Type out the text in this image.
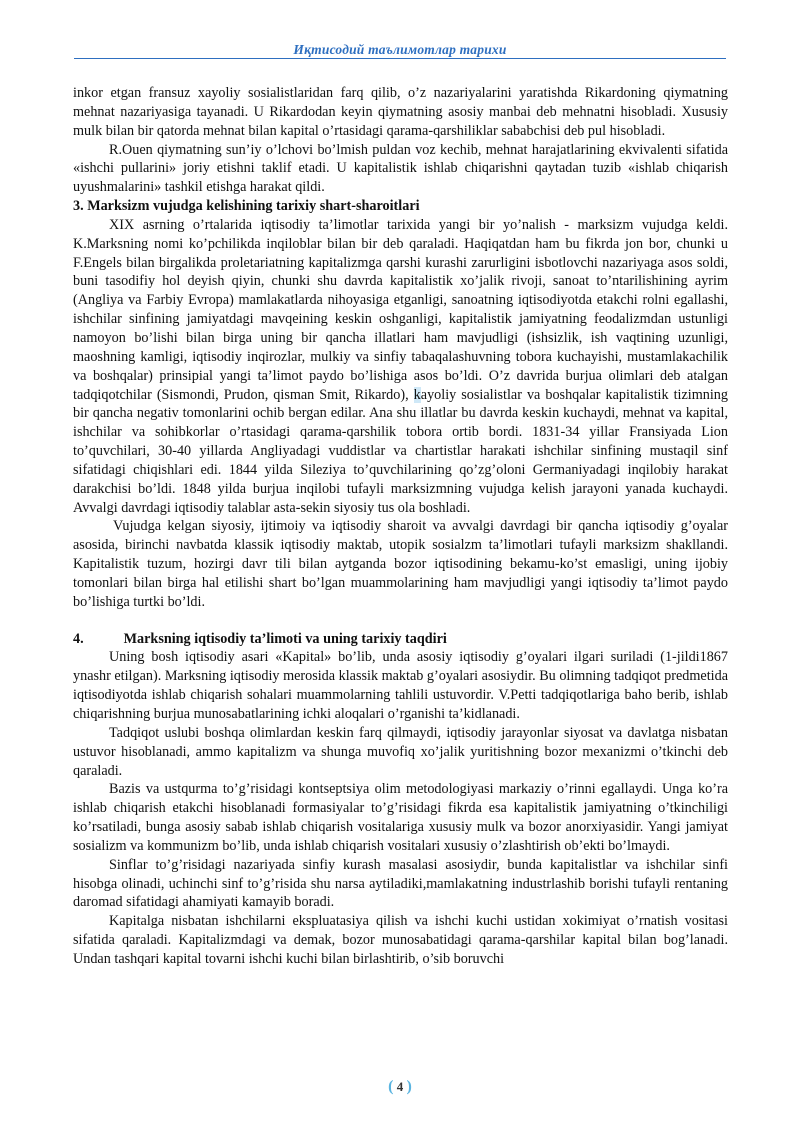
Иқтисодий таълимотлар тарихи

inkor etgan fransuz xayoliy sosialistlaridan farq qilib, o’z nazariyalarini yaratishda Rikardoning qiymatning mehnat nazariyasiga tayanadi. U Rikardodan keyin qiymatning asosiy manbai deb mehnatni hisobladi. Xususiy mulk bilan bir qatorda mehnat bilan kapital o’rtasidagi qarama-qarshiliklar sababchisi deb pul hisobladi.

R.Ouen qiymatning sun’iy o’lchovi bo’lmish puldan voz kechib, mehnat harajatlarining ekvivalenti sifatida «ishchi pullarini» joriy etishni taklif etadi. U kapitalistik ishlab chiqarishni qaytadan tuzib «ishlab chiqarish uyushmalarini» tashkil etishga harakat qildi.

3. Marksizm vujudga kelishining tarixiy shart-sharoitlari

XIX asrning o’rtalarida iqtisodiy ta’limotlar tarixida yangi bir yo’nalish - marksizm vujudga keldi. K.Marksning nomi ko’pchilikda inqiloblar bilan bir deb qaraladi. Haqiqatdan ham bu fikrda jon bor, chunki u F.Engels bilan birgalikda proletariatning kapitalizmga qarshi kurashi zarurligini isbotlovchi nazariyaga asos soldi, buni tasodifiy hol deyish qiyin, chunki shu davrda kapitalistik xo’jalik rivoji, sanoat to’ntarilishining ayrim (Angliya va Farbiy Evropa) mamlakatlarda nihoyasiga etganligi, sanoatning iqtisodiyotda etakchi rolni egallashi, ishchilar sinfining jamiyatdagi mavqeining keskin oshganligi, kapitalistik jamiyatning feodalizmdan ustunligi namoyon bo’lishi bilan birga uning bir qancha illatlari ham mavjudligi (ishsizlik, ish vaqtining uzunligi, maoshning kamligi, iqtisodiy inqirozlar, mulkiy va sinfiy tabaqalashuvning tobora kuchayishi, mustamlakachilik va boshqalar) prinsipial yangi ta’limot paydo bo’lishiga asos bo’ldi. O’z davrida burjua olimlari deb atalgan tadqiqotchilar (Sismondi, Prudon, qisman Smit, Rikardo), kayoliy sosialistlar va boshqalar kapitalistik tizimning bir qancha negativ tomonlarini ochib bergan edilar. Ana shu illatlar bu davrda keskin kuchaydi, mehnat va kapital, ishchilar va sohibkorlar o’rtasidagi qarama-qarshilik tobora ortib bordi. 1831-34 yillar Fransiyada Lion to’quvchilari, 30-40 yillarda Angliyadagi vuddistlar va chartistlar harakati ishchilar sinfining mustaqil sinf sifatidagi chiqishlari edi. 1844 yilda Sileziya to’quvchilarining qo’zg’oloni Germaniyadagi inqilobiy harakat darakchisi bo’ldi. 1848 yilda burjua inqilobi tufayli marksizmning vujudga kelish jarayoni yanada kuchaydi. Avvalgi davrdagi iqtisodiy talablar asta-sekin siyosiy tus ola boshladi.

Vujudga kelgan siyosiy, ijtimoiy va iqtisodiy sharoit va avvalgi davrdagi bir qancha iqtisodiy g’oyalar asosida, birinchi navbatda klassik iqtisodiy maktab, utopik sosialzm ta’limotlari tufayli marksizm shakllandi. Kapitalistik tuzum, hozirgi davr tili bilan aytganda bozor iqtisodining bekamu-ko’st emasligi, uning ijobiy tomonlari bilan birga hal etilishi shart bo’lgan muammolarining ham mavjudligi yangi iqtisodiy ta’limot paydo bo’lishiga turtki bo’ldi.

4.	Marksning iqtisodiy ta’limoti va uning tarixiy taqdiri

Uning bosh iqtisodiy asari «Kapital» bo’lib, unda asosiy iqtisodiy g’oyalari ilgari suriladi (1-jildi1867 ynashr etilgan). Marksning iqtisodiy merosida klassik maktab g’oyalari asosiydir. Bu olimning tadqiqot predmetida iqtisodiyotda ishlab chiqarish sohalari muammolarning tahlili ustuvordir. V.Petti tadqiqotlariga baho berib, ishlab chiqarishning burjua munosabatlarining ichki aloqalari o’rganishi ta’kidlanadi.

Tadqiqot uslubi boshqa olimlardan keskin farq qilmaydi, iqtisodiy jarayonlar siyosat va davlatga nisbatan ustuvor hisoblanadi, ammo kapitalizm va shunga muvofiq xo’jalik yuritishning bozor mexanizmi o’tkinchi deb qaraladi.

Bazis va ustqurma to’g’risidagi kontseptsiya olim metodologiyasi markaziy o’rinni egallaydi. Unga ko’ra ishlab chiqarish etakchi hisoblanadi formasiyalar to’g’risidagi fikrda esa kapitalistik jamiyatning o’tkinchiligi ko’rsatiladi, bunga asosiy sabab ishlab chiqarish vositalariga xususiy mulk va bozor anorxiyasidir. Yangi jamiyat sosializm va kommunizm bo’lib, unda ishlab chiqarish vositalari xususiy o’zlashtirish ob’ekti bo’lmaydi.

Sinflar to’g’risidagi nazariyada sinfiy kurash masalasi asosiydir, bunda kapitalistlar va ishchilar sinfi hisobga olinadi, uchinchi sinf to’g’risida shu narsa aytiladiki,mamlakatning industrlashib borishi tufayli rentaning daromad sifatidagi ahamiyati kamayib boradi.

Kapitalga nisbatan ishchilarni ekspluatasiya qilish va ishchi kuchi ustidan xokimiyat o’rnatish vositasi sifatida qaraladi. Kapitalizmdagi va demak, bozor munosabatidagi qarama-qarshilar kapital bilan bog’lanadi. Undan tashqari kapital tovarni ishchi kuchi bilan birlashtirib, o’sib boruvchi

( 4 )
